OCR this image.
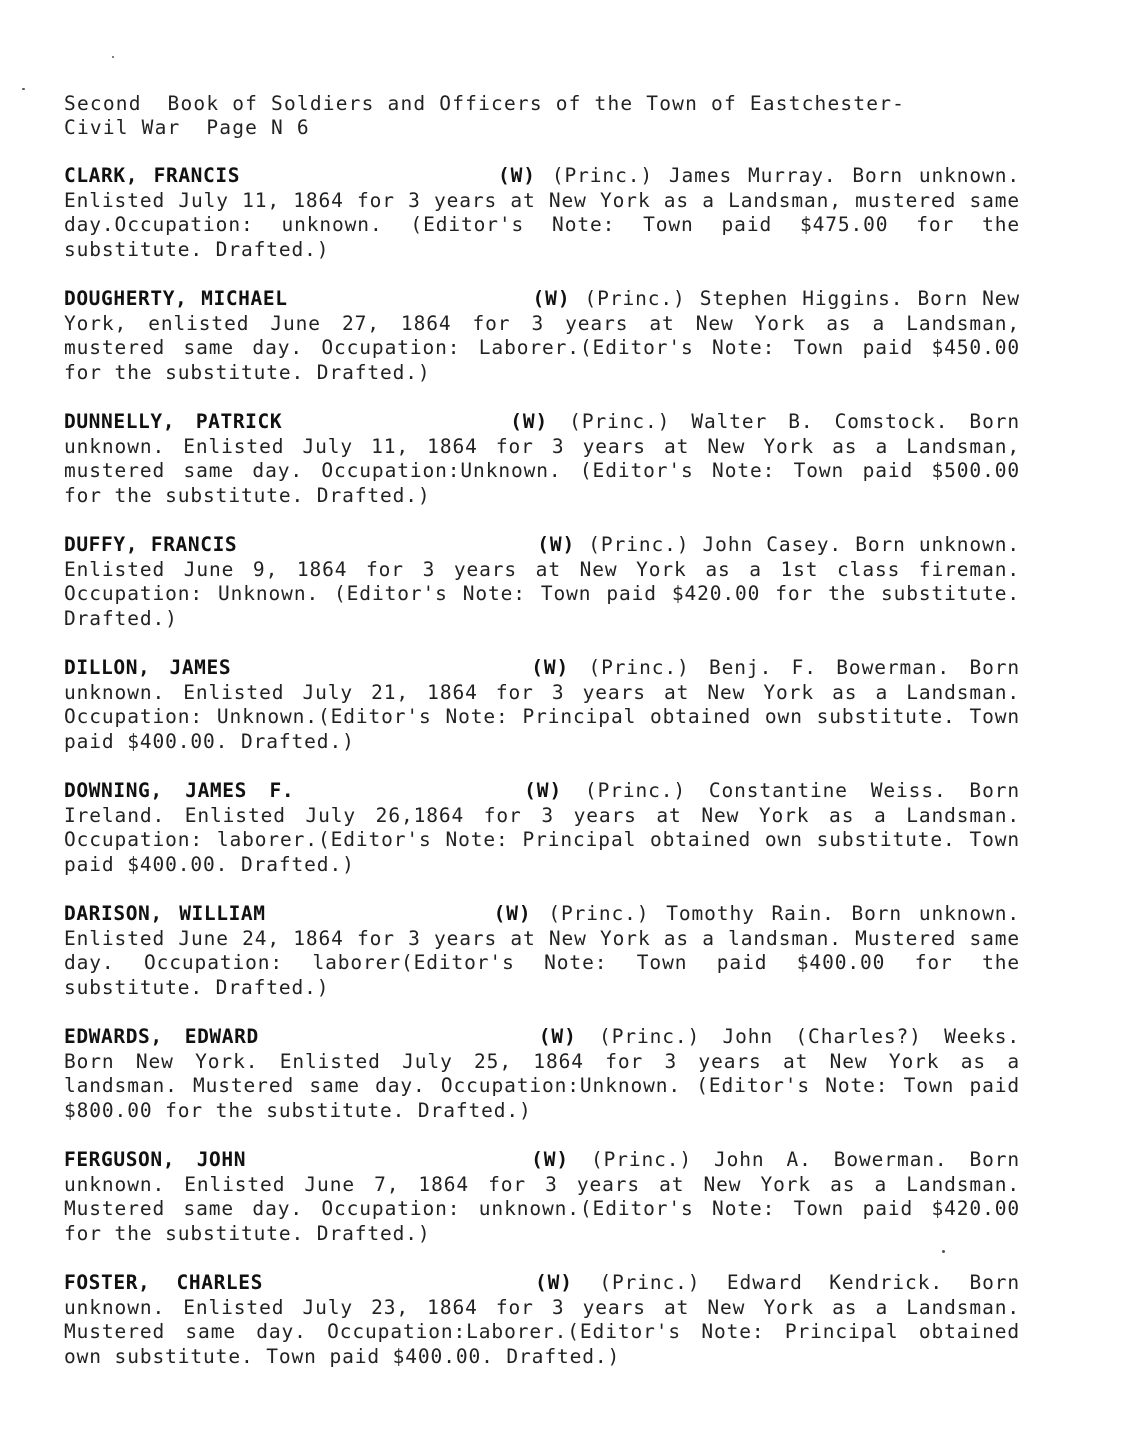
Second  Book of Soldiers and Officers of the Town of Eastchester-
Civil War  Page N 6
CLARK, FRANCIS	(W) (Princ.) James Murray. Born unknown. Enlisted July 11, 1864 for 3 years at New York as a Landsman, mustered same day.Occupation: unknown. (Editor's Note: Town paid $475.00 for the substitute. Drafted.)
DOUGHERTY, MICHAEL	(W) (Princ.) Stephen Higgins. Born New York, enlisted June 27, 1864 for 3 years at New York as a Landsman, mustered same day. Occupation: Laborer.(Editor's Note: Town paid $450.00 for the substitute. Drafted.)
DUNNELLY, PATRICK	(W) (Princ.) Walter B. Comstock. Born unknown. Enlisted July 11, 1864 for 3 years at New York as a Landsman, mustered same day. Occupation:Unknown. (Editor's Note: Town paid $500.00 for the substitute. Drafted.)
DUFFY, FRANCIS	(W) (Princ.) John Casey. Born unknown. Enlisted June 9, 1864 for 3 years at New York as a 1st class fireman. Occupation: Unknown. (Editor's Note: Town paid $420.00 for the substitute. Drafted.)
DILLON, JAMES	(W) (Princ.) Benj. F. Bowerman. Born unknown. Enlisted July 21, 1864 for 3 years at New York as a Landsman. Occupation: Unknown.(Editor's Note: Principal obtained own substitute. Town paid $400.00. Drafted.)
DOWNING, JAMES F.	(W) (Princ.) Constantine Weiss. Born Ireland. Enlisted July 26,1864 for 3 years at New York as a Landsman. Occupation: laborer.(Editor's Note: Principal obtained own substitute. Town paid $400.00. Drafted.)
DARISON, WILLIAM	(W) (Princ.) Tomothy Rain. Born unknown. Enlisted June 24, 1864 for 3 years at New York as a landsman. Mustered same day. Occupation: laborer(Editor's Note: Town paid $400.00 for the substitute. Drafted.)
EDWARDS, EDWARD	(W) (Princ.) John (Charles?) Weeks. Born New York. Enlisted July 25, 1864 for 3 years at New York as a landsman. Mustered same day. Occupation:Unknown. (Editor's Note: Town paid $800.00 for the substitute. Drafted.)
FERGUSON, JOHN	(W) (Princ.) John A. Bowerman. Born unknown. Enlisted June 7, 1864 for 3 years at New York as a Landsman. Mustered same day. Occupation: unknown.(Editor's Note: Town paid $420.00 for the substitute. Drafted.)
FOSTER, CHARLES	(W) (Princ.) Edward Kendrick. Born unknown. Enlisted July 23, 1864 for 3 years at New York as a Landsman. Mustered same day. Occupation:Laborer.(Editor's Note: Principal obtained own substitute. Town paid $400.00. Drafted.)
